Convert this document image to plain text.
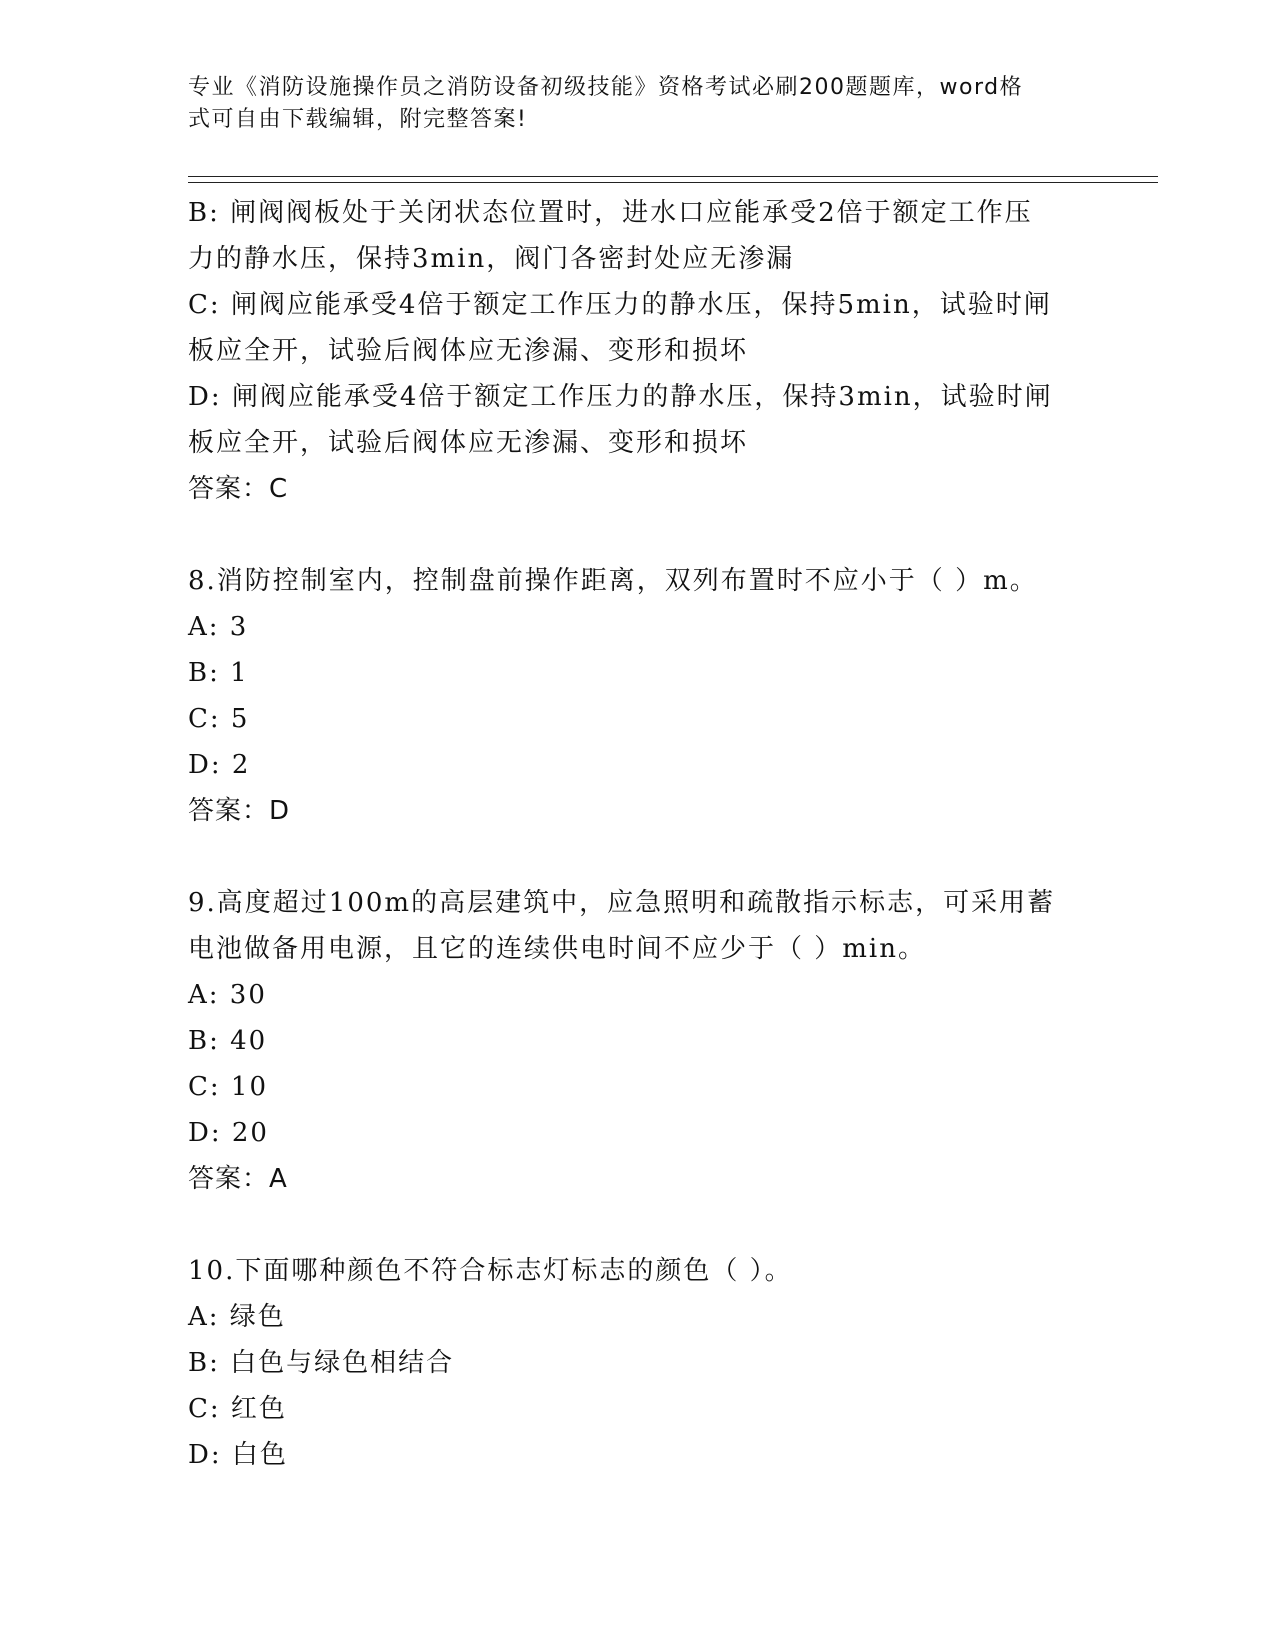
专业《消防设施操作员之消防设备初级技能》资格考试必刷200题题库，word格
式可自由下载编辑，附完整答案!

B: 闸阀阀板处于关闭状态位置时，进水口应能承受2倍于额定工作压

力的静水压，保持3min，阀门各密封处应无渗漏

C: 闸阀应能承受4倍于额定工作压力的静水压，保持5min，试验时闸

板应全开，试验后阀体应无渗漏、变形和损坏

D: 闸阀应能承受4倍于额定工作压力的静水压，保持3min，试验时闸

板应全开，试验后阀体应无渗漏、变形和损坏

答案：C

8.消防控制室内，控制盘前操作距离，双列布置时不应小于（ ）m。

A: 3

B: 1

C: 5

D: 2

答案：D

9.高度超过100m的高层建筑中，应急照明和疏散指示标志，可采用蓄

电池做备用电源，且它的连续供电时间不应少于（ ）min。

A: 30

B: 40

C: 10

D: 20

答案：A

10.下面哪种颜色不符合标志灯标志的颜色（ ）。

A: 绿色

B: 白色与绿色相结合

C: 红色

D: 白色
